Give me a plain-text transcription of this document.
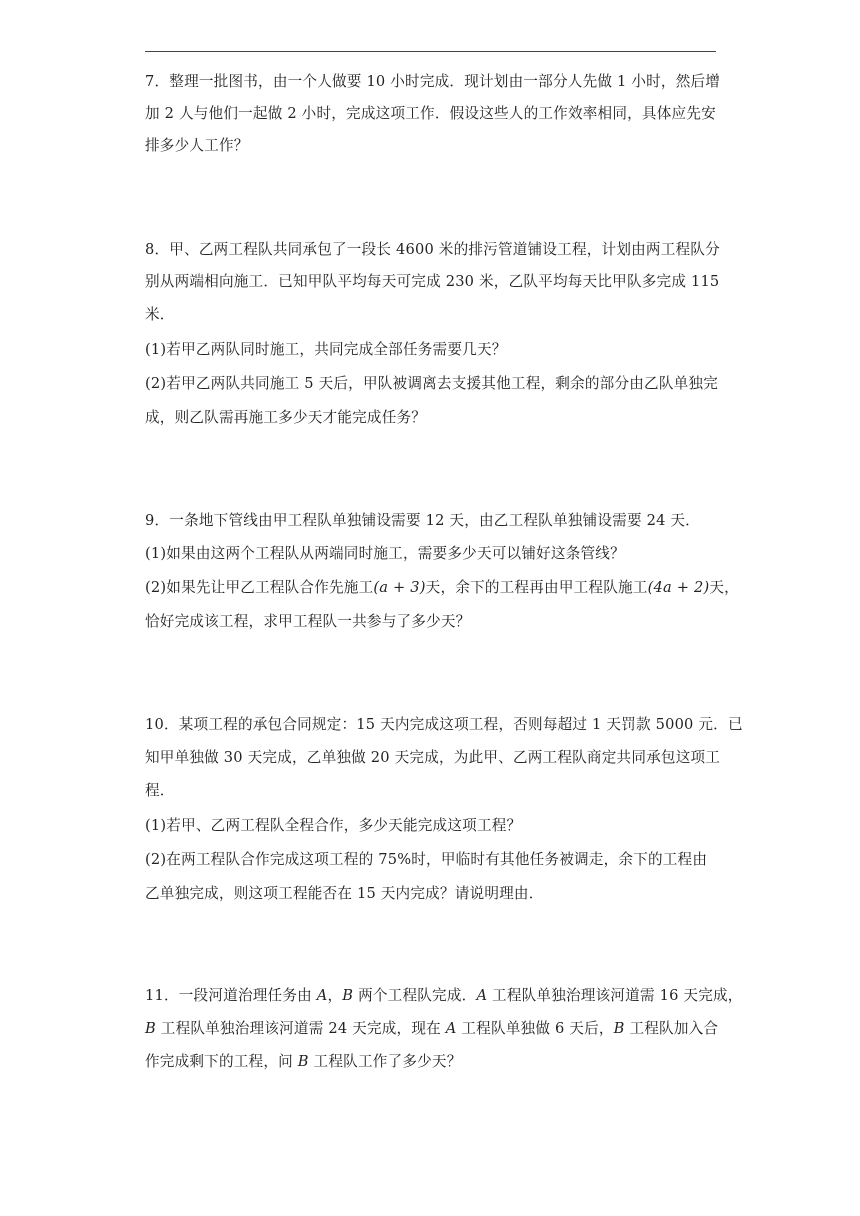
7．整理一批图书，由一个人做要 10 小时完成．现计划由一部分人先做 1 小时，然后增
加 2 人与他们一起做 2 小时，完成这项工作．假设这些人的工作效率相同，具体应先安
排多少人工作？
8．甲、乙两工程队共同承包了一段长 4600 米的排污管道铺设工程，计划由两工程队分
别从两端相向施工．已知甲队平均每天可完成 230 米，乙队平均每天比甲队多完成 115
米．
(1)若甲乙两队同时施工，共同完成全部任务需要几天？
(2)若甲乙两队共同施工 5 天后，甲队被调离去支援其他工程，剩余的部分由乙队单独完
成，则乙队需再施工多少天才能完成任务？
9．一条地下管线由甲工程队单独铺设需要 12 天，由乙工程队单独铺设需要 24 天．
(1)如果由这两个工程队从两端同时施工，需要多少天可以铺好这条管线？
(2)如果先让甲乙工程队合作先施工(a + 3)天，余下的工程再由甲工程队施工(4a + 2)天，
恰好完成该工程，求甲工程队一共参与了多少天？
10．某项工程的承包合同规定：15 天内完成这项工程，否则每超过 1 天罚款 5000 元．已
知甲单独做 30 天完成，乙单独做 20 天完成，为此甲、乙两工程队商定共同承包这项工
程．
(1)若甲、乙两工程队全程合作，多少天能完成这项工程？
(2)在两工程队合作完成这项工程的 75%时，甲临时有其他任务被调走，余下的工程由
乙单独完成，则这项工程能否在 15 天内完成？请说明理由．
11．一段河道治理任务由 A，B 两个工程队完成．A 工程队单独治理该河道需 16 天完成，
B 工程队单独治理该河道需 24 天完成，现在 A 工程队单独做 6 天后，B 工程队加入合
作完成剩下的工程，问 B 工程队工作了多少天？
